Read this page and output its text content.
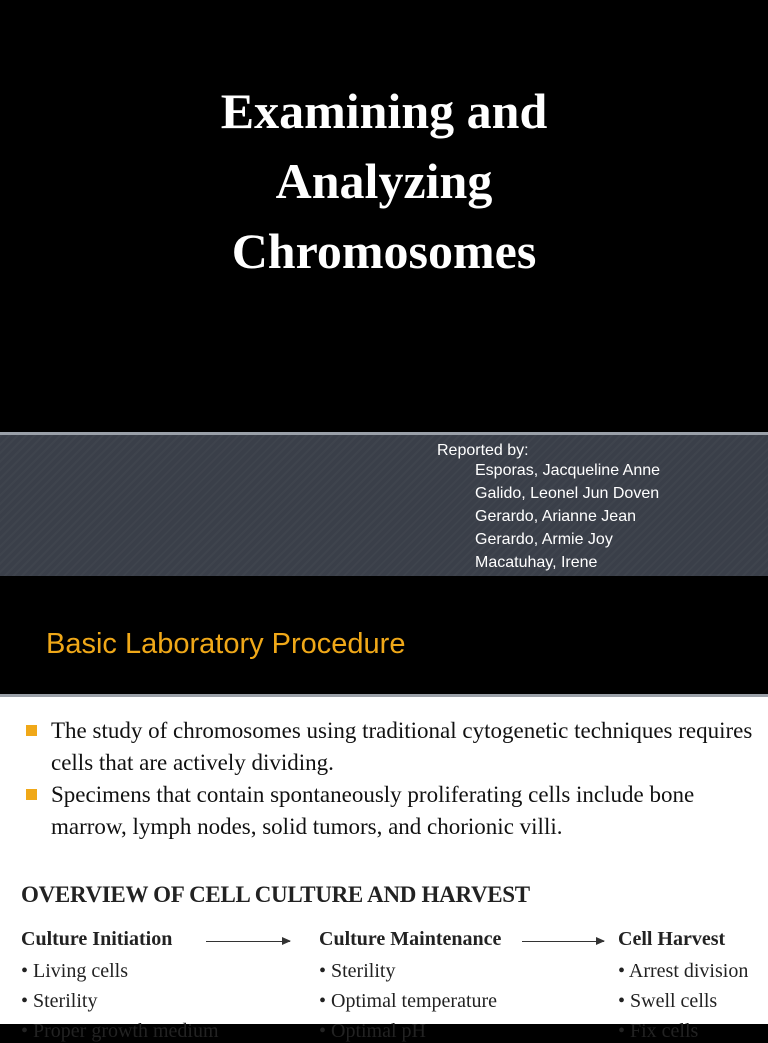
Examining and
Analyzing
Chromosomes
Reported by:
Esporas, Jacqueline Anne
Galido, Leonel Jun Doven
Gerardo, Arianne Jean
Gerardo, Armie Joy
Macatuhay, Irene
Basic Laboratory Procedure
The study of chromosomes using traditional cytogenetic techniques requires cells that are actively dividing.
Specimens that contain spontaneously proliferating cells include bone marrow, lymph nodes, solid tumors, and chorionic villi.
OVERVIEW OF CELL CULTURE AND HARVEST
Culture Initiation	Culture Maintenance	Cell Harvest
• Living cells
• Sterility
• Proper growth medium
• Sterility
• Optimal temperature
• Optimal pH
• Arrest division
• Swell cells
• Fix cells
